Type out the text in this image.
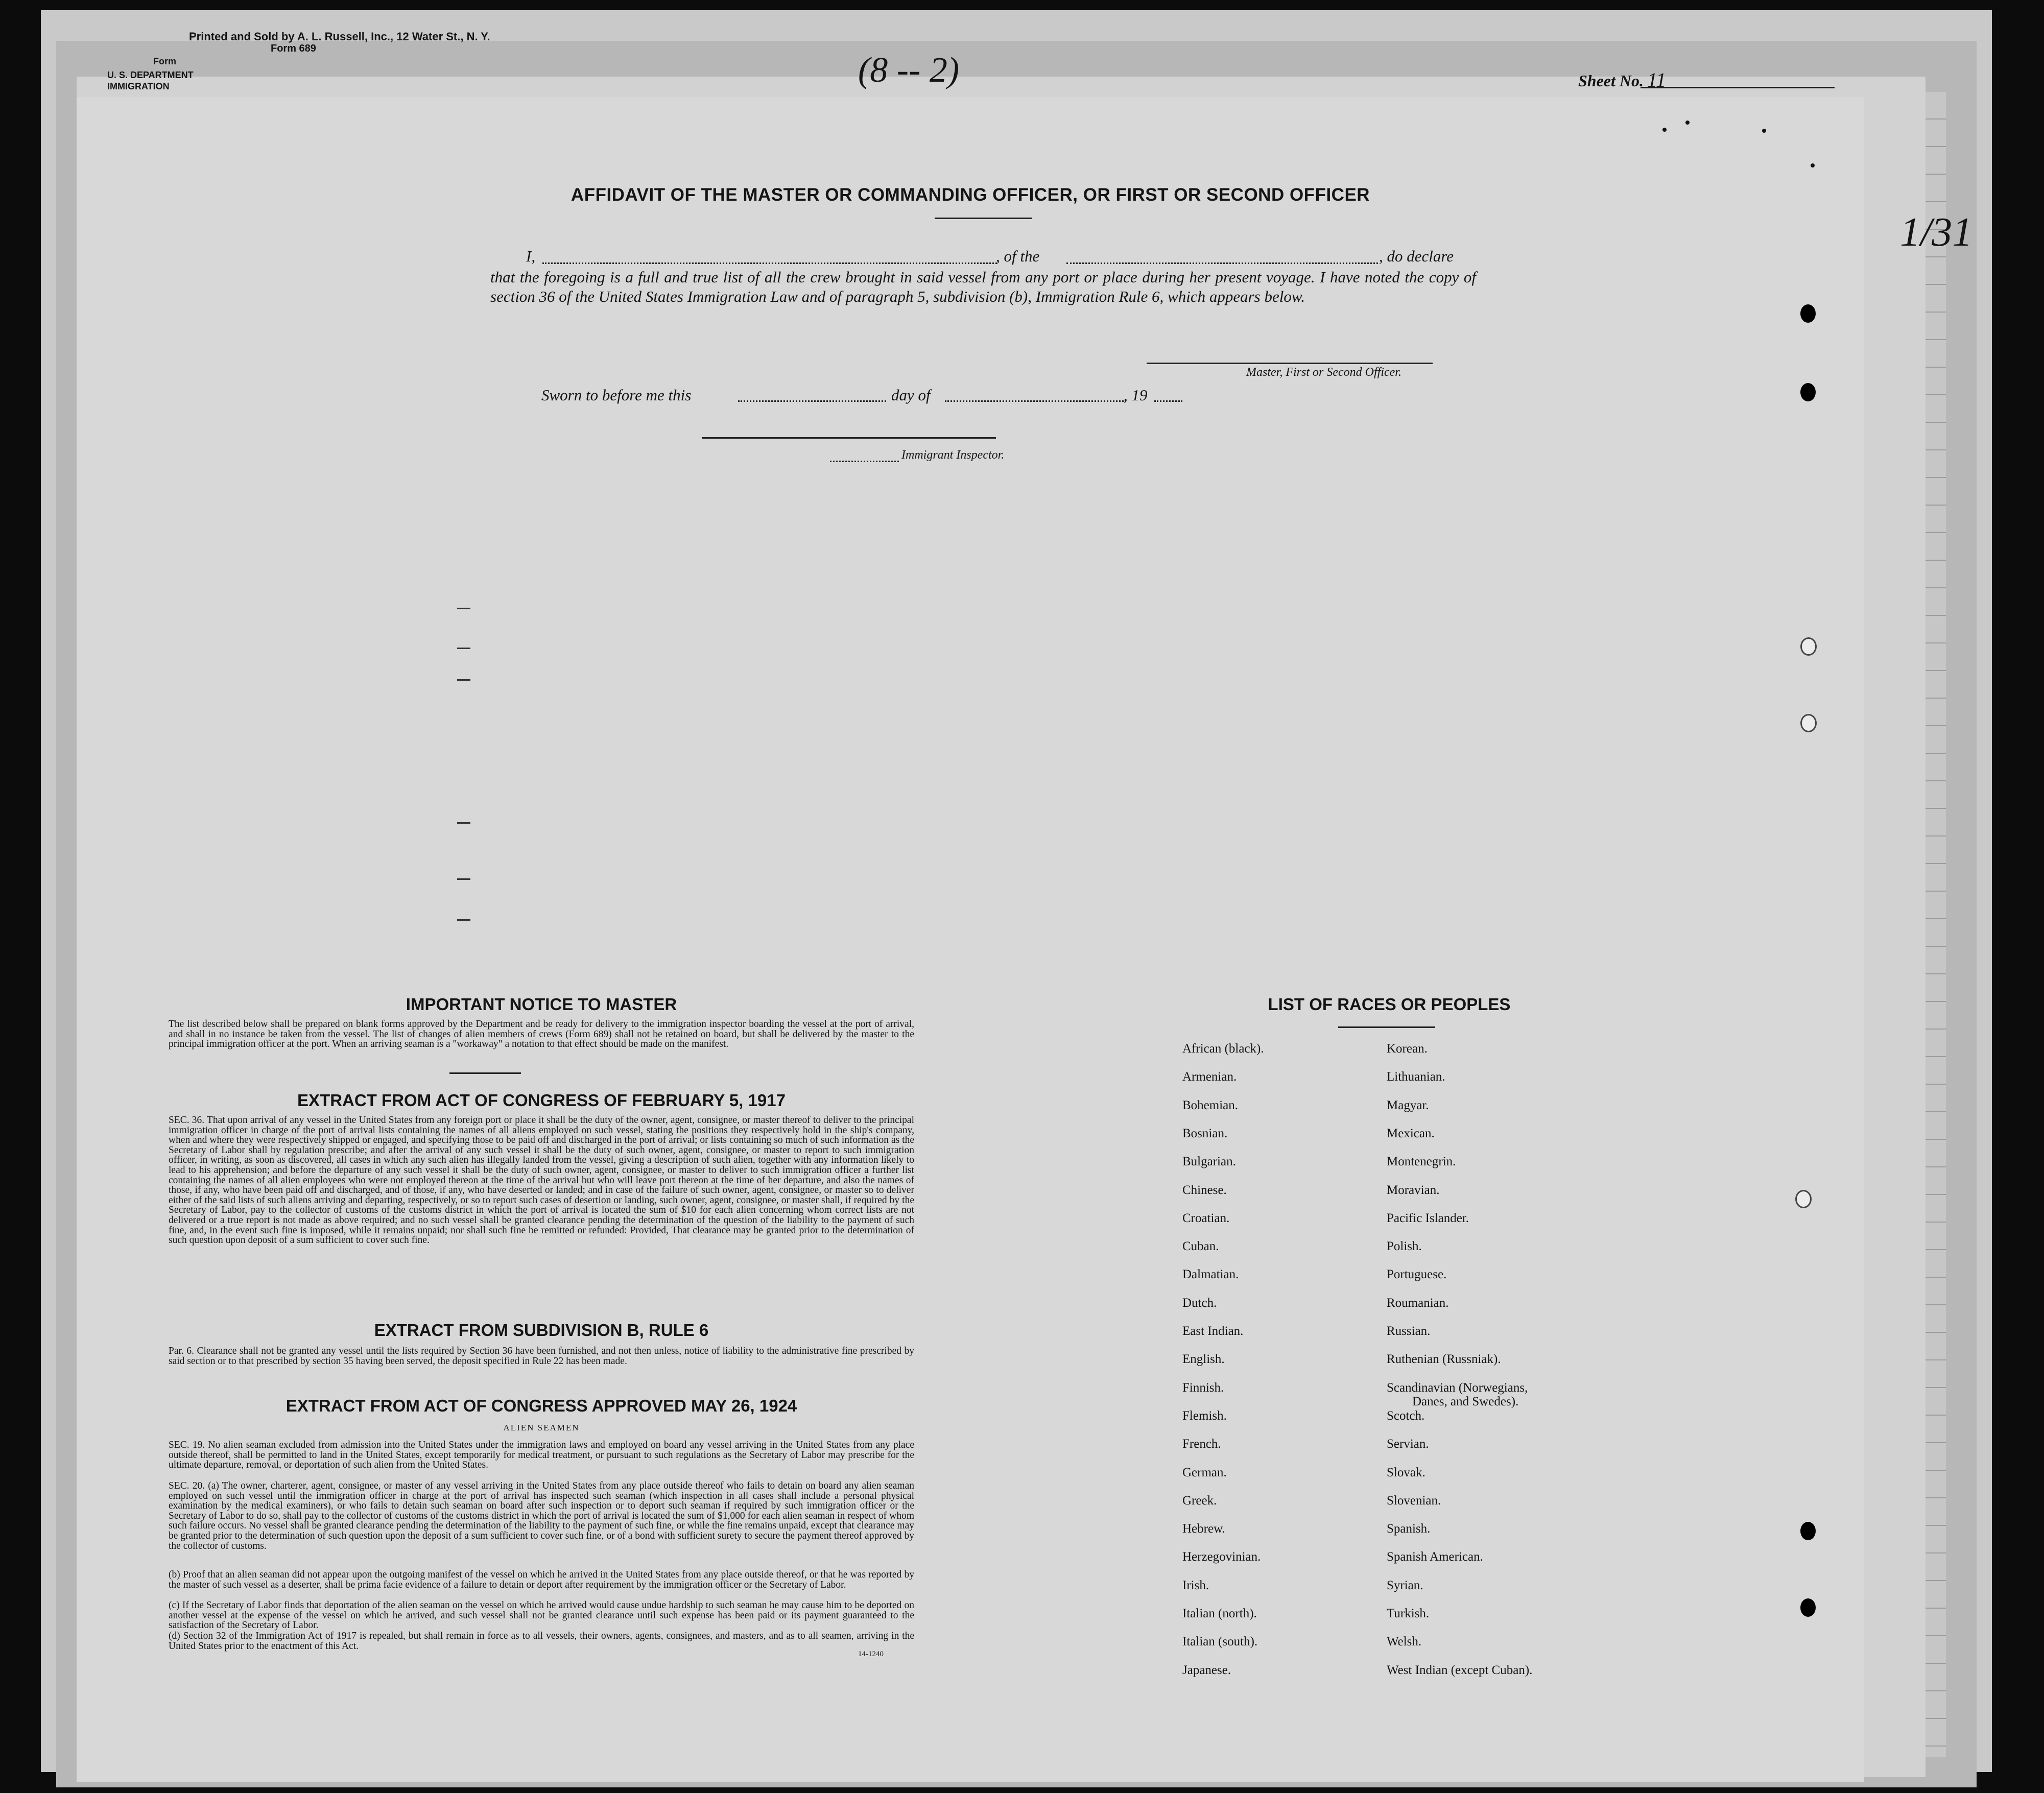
Printed and Sold by A. L. Russell, Inc., 12 Water St., N. Y.
Form 689
Form
U. S. DEPARTMENT
IMMIGRATION	(8 -- 2)	Sheet No. 11
1/31
AFFIDAVIT OF THE MASTER OR COMMANDING OFFICER, OR FIRST OR SECOND OFFICER
I,	, of the	, do declare
that the foregoing is a full and true list of all the crew brought in said vessel from any port or place during her present voyage. I have noted the copy of section 36 of the United States Immigration Law and of paragraph 5, subdivision (b), Immigration Rule 6, which appears below.
Master, First or Second Officer.
Sworn to before me this	day of	, 19
Immigrant Inspector.
IMPORTANT NOTICE TO MASTER
The list described below shall be prepared on blank forms approved by the Department and be ready for delivery to the immigration inspector boarding the vessel at the port of arrival, and shall in no instance be taken from the vessel. The list of changes of alien members of crews (Form 689) shall not be retained on board, but shall be delivered by the master to the principal immigration officer at the port. When an arriving seaman is a "workaway" a notation to that effect should be made on the manifest.
EXTRACT FROM ACT OF CONGRESS OF FEBRUARY 5, 1917
SEC. 36. That upon arrival of any vessel in the United States from any foreign port or place it shall be the duty of the owner, agent, consignee, or master thereof to deliver to the principal immigration officer in charge of the port of arrival lists containing the names of all aliens employed on such vessel, stating the positions they respectively hold in the ship's company, when and where they were respectively shipped or engaged, and specifying those to be paid off and discharged in the port of arrival; or lists containing so much of such information as the Secretary of Labor shall by regulation prescribe; and after the arrival of any such vessel it shall be the duty of such owner, agent, consignee, or master to report to such immigration officer, in writing, as soon as discovered, all cases in which any such alien has illegally landed from the vessel, giving a description of such alien, together with any information likely to lead to his apprehension; and before the departure of any such vessel it shall be the duty of such owner, agent, consignee, or master to deliver to such immigration officer a further list containing the names of all alien employees who were not employed thereon at the time of the arrival but who will leave port thereon at the time of her departure, and also the names of those, if any, who have been paid off and discharged, and of those, if any, who have deserted or landed; and in case of the failure of such owner, agent, consignee, or master so to deliver either of the said lists of such aliens arriving and departing, respectively, or so to report such cases of desertion or landing, such owner, agent, consignee, or master shall, if required by the Secretary of Labor, pay to the collector of customs of the customs district in which the port of arrival is located the sum of $10 for each alien concerning whom correct lists are not delivered or a true report is not made as above required; and no such vessel shall be granted clearance pending the determination of the question of the liability to the payment of such fine, and, in the event such fine is imposed, while it remains unpaid; nor shall such fine be remitted or refunded: Provided, That clearance may be granted prior to the determination of such question upon deposit of a sum sufficient to cover such fine.
EXTRACT FROM SUBDIVISION B, RULE 6
Par. 6. Clearance shall not be granted any vessel until the lists required by Section 36 have been furnished, and not then unless, notice of liability to the administrative fine prescribed by said section or to that prescribed by section 35 having been served, the deposit specified in Rule 22 has been made.
EXTRACT FROM ACT OF CONGRESS APPROVED MAY 26, 1924
ALIEN SEAMEN
SEC. 19. No alien seaman excluded from admission into the United States under the immigration laws and employed on board any vessel arriving in the United States from any place outside thereof, shall be permitted to land in the United States, except temporarily for medical treatment, or pursuant to such regulations as the Secretary of Labor may prescribe for the ultimate departure, removal, or deportation of such alien from the United States.
SEC. 20. (a) The owner, charterer, agent, consignee, or master of any vessel arriving in the United States from any place outside thereof who fails to detain on board any alien seaman employed on such vessel until the immigration officer in charge at the port of arrival has inspected such seaman (which inspection in all cases shall include a personal physical examination by the medical examiners), or who fails to detain such seaman on board after such inspection or to deport such seaman if required by such immigration officer or the Secretary of Labor to do so, shall pay to the collector of customs of the customs district in which the port of arrival is located the sum of $1,000 for each alien seaman in respect of whom such failure occurs. No vessel shall be granted clearance pending the determination of the liability to the payment of such fine, or while the fine remains unpaid, except that clearance may be granted prior to the determination of such question upon the deposit of a sum sufficient to cover such fine, or of a bond with sufficient surety to secure the payment thereof approved by the collector of customs.
(b) Proof that an alien seaman did not appear upon the outgoing manifest of the vessel on which he arrived in the United States from any place outside thereof, or that he was reported by the master of such vessel as a deserter, shall be prima facie evidence of a failure to detain or deport after requirement by the immigration officer or the Secretary of Labor.
(c) If the Secretary of Labor finds that deportation of the alien seaman on the vessel on which he arrived would cause undue hardship to such seaman he may cause him to be deported on another vessel at the expense of the vessel on which he arrived, and such vessel shall not be granted clearance until such expense has been paid or its payment guaranteed to the satisfaction of the Secretary of Labor.
(d) Section 32 of the Immigration Act of 1917 is repealed, but shall remain in force as to all vessels, their owners, agents, consignees, and masters, and as to all seamen, arriving in the United States prior to the enactment of this Act.
14-1240
LIST OF RACES OR PEOPLES
African (black).
Armenian.
Bohemian.
Bosnian.
Bulgarian.
Chinese.
Croatian.
Cuban.
Dalmatian.
Dutch.
East Indian.
English.
Finnish.
Flemish.
French.
German.
Greek.
Hebrew.
Herzegovinian.
Irish.
Italian (north).
Italian (south).
Japanese.
Korean.
Lithuanian.
Magyar.
Mexican.
Montenegrin.
Moravian.
Pacific Islander.
Polish.
Portuguese.
Roumanian.
Russian.
Ruthenian (Russniak).
Scandinavian (Norwegians,
Scotch.
Servian.
Slovak.
Slovenian.
Spanish.
Spanish American.
Syrian.
Turkish.
Welsh.
West Indian (except Cuban).
Danes, and Swedes).
